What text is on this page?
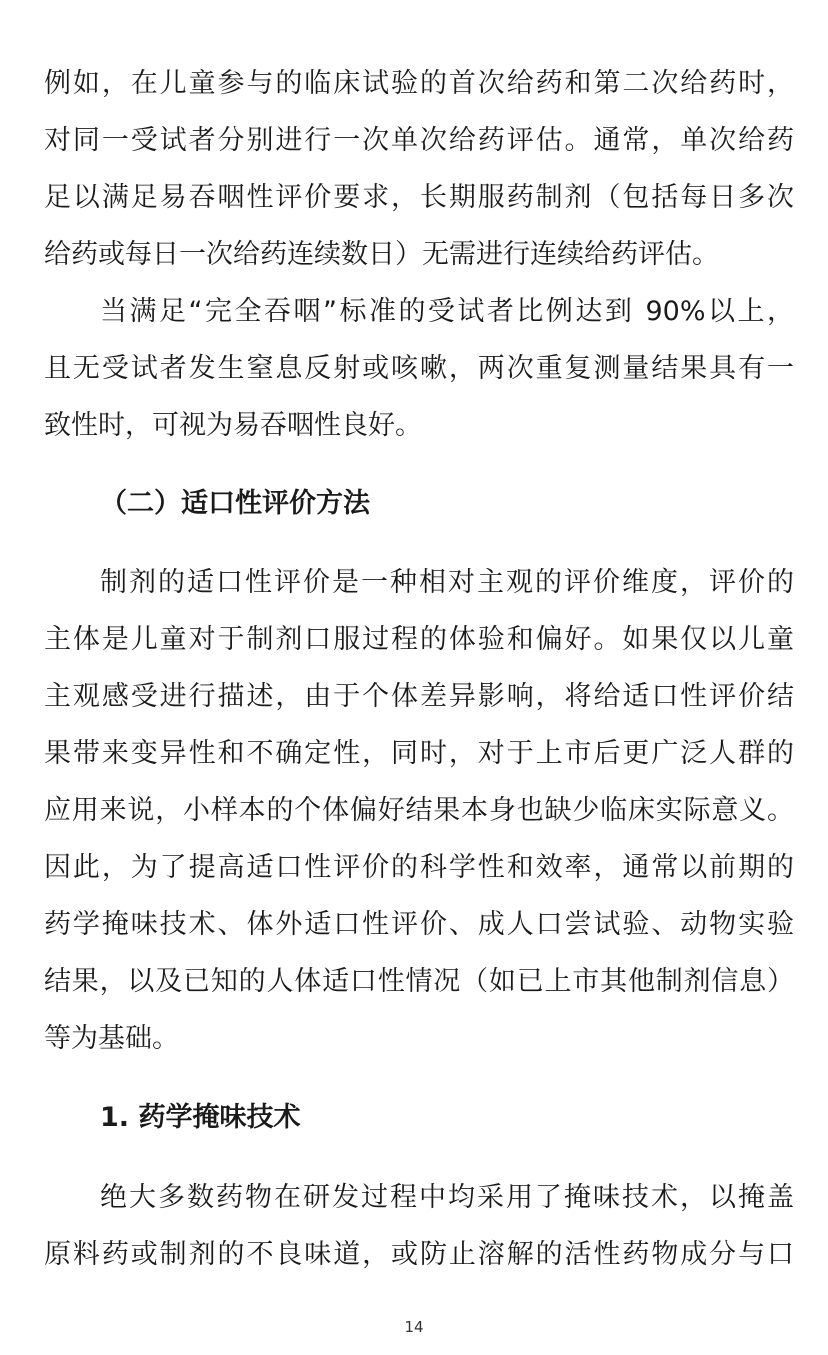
例如，在儿童参与的临床试验的首次给药和第二次给药时，
对同一受试者分别进行一次单次给药评估。通常，单次给药
足以满足易吞咽性评价要求，长期服药制剂（包括每日多次
给药或每日一次给药连续数日）无需进行连续给药评估。
当满足“完全吞咽”标准的受试者比例达到 90%以上，
且无受试者发生窒息反射或咳嗽，两次重复测量结果具有一
致性时，可视为易吞咽性良好。
（二）适口性评价方法
制剂的适口性评价是一种相对主观的评价维度，评价的
主体是儿童对于制剂口服过程的体验和偏好。如果仅以儿童
主观感受进行描述，由于个体差异影响，将给适口性评价结
果带来变异性和不确定性，同时，对于上市后更广泛人群的
应用来说，小样本的个体偏好结果本身也缺少临床实际意义。
因此，为了提高适口性评价的科学性和效率，通常以前期的
药学掩味技术、体外适口性评价、成人口尝试验、动物实验
结果，以及已知的人体适口性情况（如已上市其他制剂信息）
等为基础。
1. 药学掩味技术
绝大多数药物在研发过程中均采用了掩味技术，以掩盖
原料药或制剂的不良味道，或防止溶解的活性药物成分与口
14
